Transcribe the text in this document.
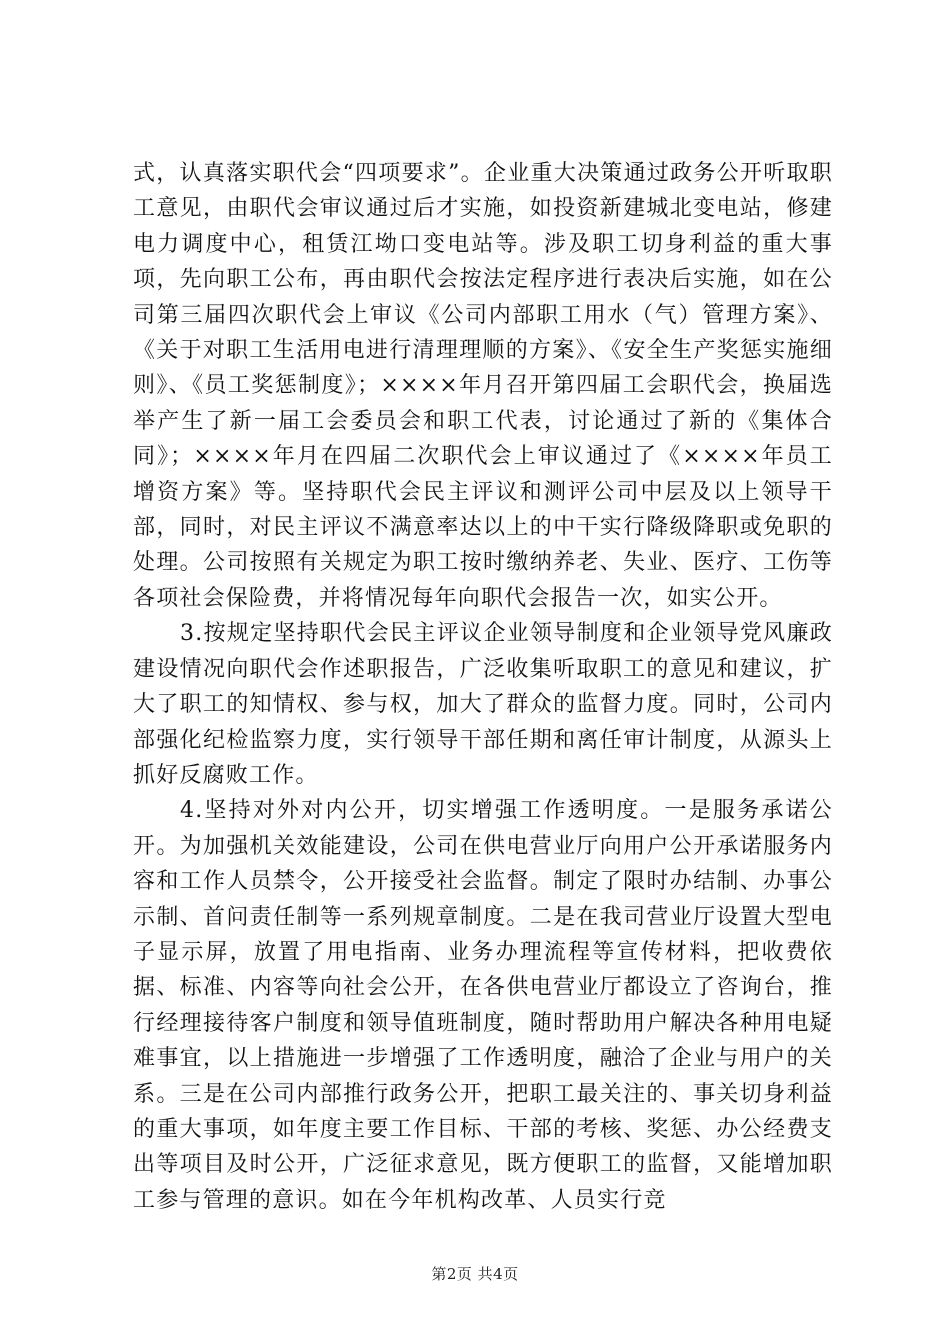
式，认真落实职代会“四项要求”。企业重大决策通过政务公开听取职工意见，由职代会审议通过后才实施，如投资新建城北变电站，修建电力调度中心，租赁江坳口变电站等。涉及职工切身利益的重大事项，先向职工公布，再由职代会按法定程序进行表决后实施，如在公司第三届四次职代会上审议《公司内部职工用水（气）管理方案》、《关于对职工生活用电进行清理理顺的方案》、《安全生产奖惩实施细则》、《员工奖惩制度》；××××年月召开第四届工会职代会，换届选举产生了新一届工会委员会和职工代表，讨论通过了新的《集体合同》；××××年月在四届二次职代会上审议通过了《××××年员工增资方案》等。坚持职代会民主评议和测评公司中层及以上领导干部，同时，对民主评议不满意率达以上的中干实行降级降职或免职的处理。公司按照有关规定为职工按时缴纳养老、失业、医疗、工伤等各项社会保险费，并将情况每年向职代会报告一次，如实公开。

3.按规定坚持职代会民主评议企业领导制度和企业领导党风廉政建设情况向职代会作述职报告，广泛收集听取职工的意见和建议，扩大了职工的知情权、参与权，加大了群众的监督力度。同时，公司内部强化纪检监察力度，实行领导干部任期和离任审计制度，从源头上抓好反腐败工作。

4.坚持对外对内公开，切实增强工作透明度。一是服务承诺公开。为加强机关效能建设，公司在供电营业厅向用户公开承诺服务内容和工作人员禁令，公开接受社会监督。制定了限时办结制、办事公示制、首问责任制等一系列规章制度。二是在我司营业厅设置大型电子显示屏，放置了用电指南、业务办理流程等宣传材料，把收费依据、标准、内容等向社会公开，在各供电营业厅都设立了咨询台，推行经理接待客户制度和领导值班制度，随时帮助用户解决各种用电疑难事宜，以上措施进一步增强了工作透明度，融洽了企业与用户的关系。三是在公司内部推行政务公开，把职工最关注的、事关切身利益的重大事项，如年度主要工作目标、干部的考核、奖惩、办公经费支出等项目及时公开，广泛征求意见，既方便职工的监督，又能增加职工参与管理的意识。如在今年机构改革、人员实行竞

第2页 共4页
